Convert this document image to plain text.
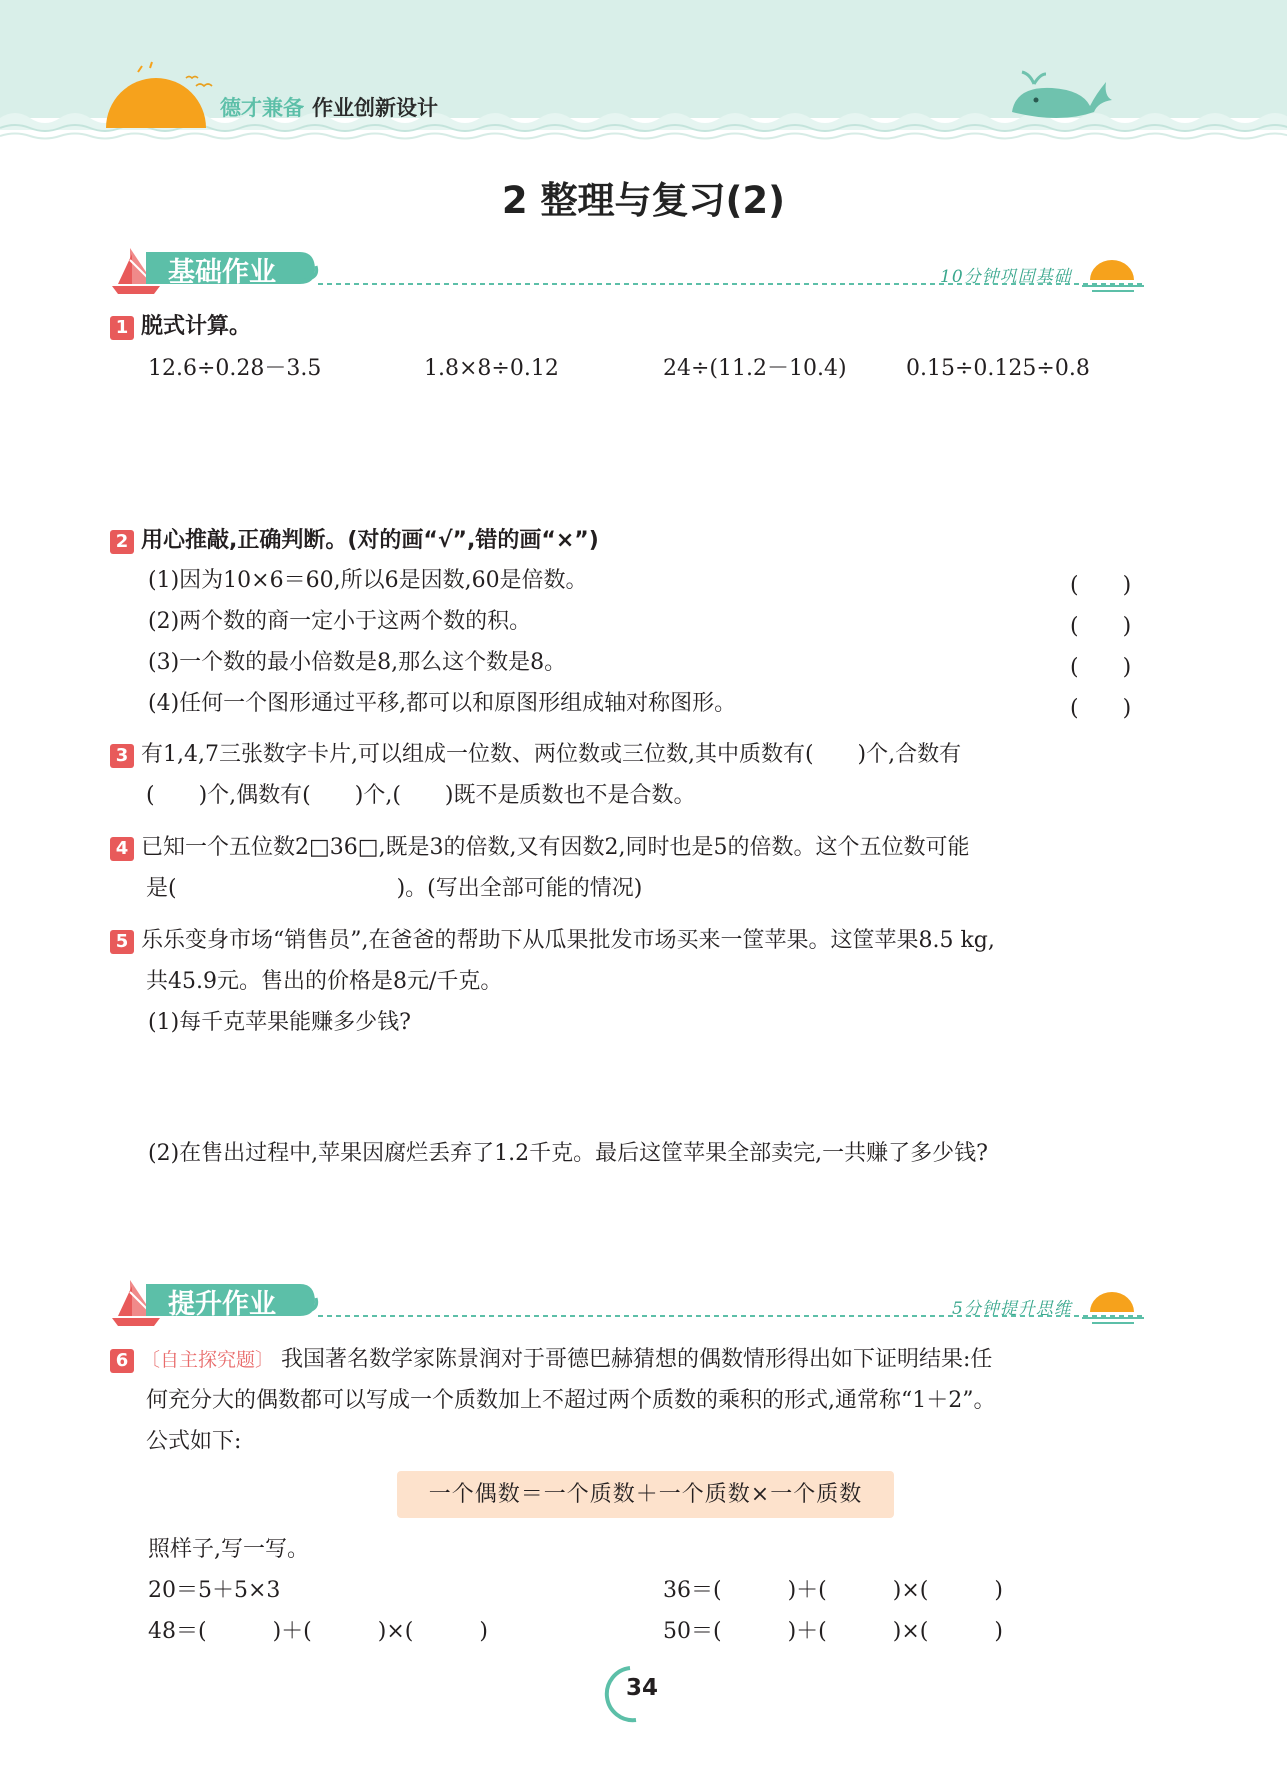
德才兼备 作业创新设计
2 整理与复习(2)
基础作业	10分钟巩固基础
1 脱式计算。
12.6÷0.28－3.5	1.8×8÷0.12	24÷(11.2－10.4)	0.15÷0.125÷0.8
2 用心推敲,正确判断。(对的画“√”,错的画“×”)
(1)因为10×6＝60,所以6是因数,60是倍数。	(　　)
(2)两个数的商一定小于这两个数的积。	(　　)
(3)一个数的最小倍数是8,那么这个数是8。	(　　)
(4)任何一个图形通过平移,都可以和原图形组成轴对称图形。	(　　)
3 有1,4,7三张数字卡片,可以组成一位数、两位数或三位数,其中质数有(　　)个,合数有
(　　)个,偶数有(　　)个,(　　)既不是质数也不是合数。
4 已知一个五位数2□36□,既是3的倍数,又有因数2,同时也是5的倍数。这个五位数可能
是(　　　　　　　　　　)。(写出全部可能的情况)
5 乐乐变身市场“销售员”,在爸爸的帮助下从瓜果批发市场买来一筐苹果。这筐苹果8.5 kg,
共45.9元。售出的价格是8元/千克。
(1)每千克苹果能赚多少钱?
(2)在售出过程中,苹果因腐烂丢弃了1.2千克。最后这筐苹果全部卖完,一共赚了多少钱?
提升作业	5分钟提升思维
6 〔自主探究题〕 我国著名数学家陈景润对于哥德巴赫猜想的偶数情形得出如下证明结果:任
何充分大的偶数都可以写成一个质数加上不超过两个质数的乘积的形式,通常称“1＋2”。
公式如下:
一个偶数＝一个质数＋一个质数×一个质数
照样子,写一写。
20＝5＋5×3	36＝(　　　)＋(　　　)×(　　　)
48＝(　　　)＋(　　　)×(　　　)	50＝(　　　)＋(　　　)×(　　　)
34
